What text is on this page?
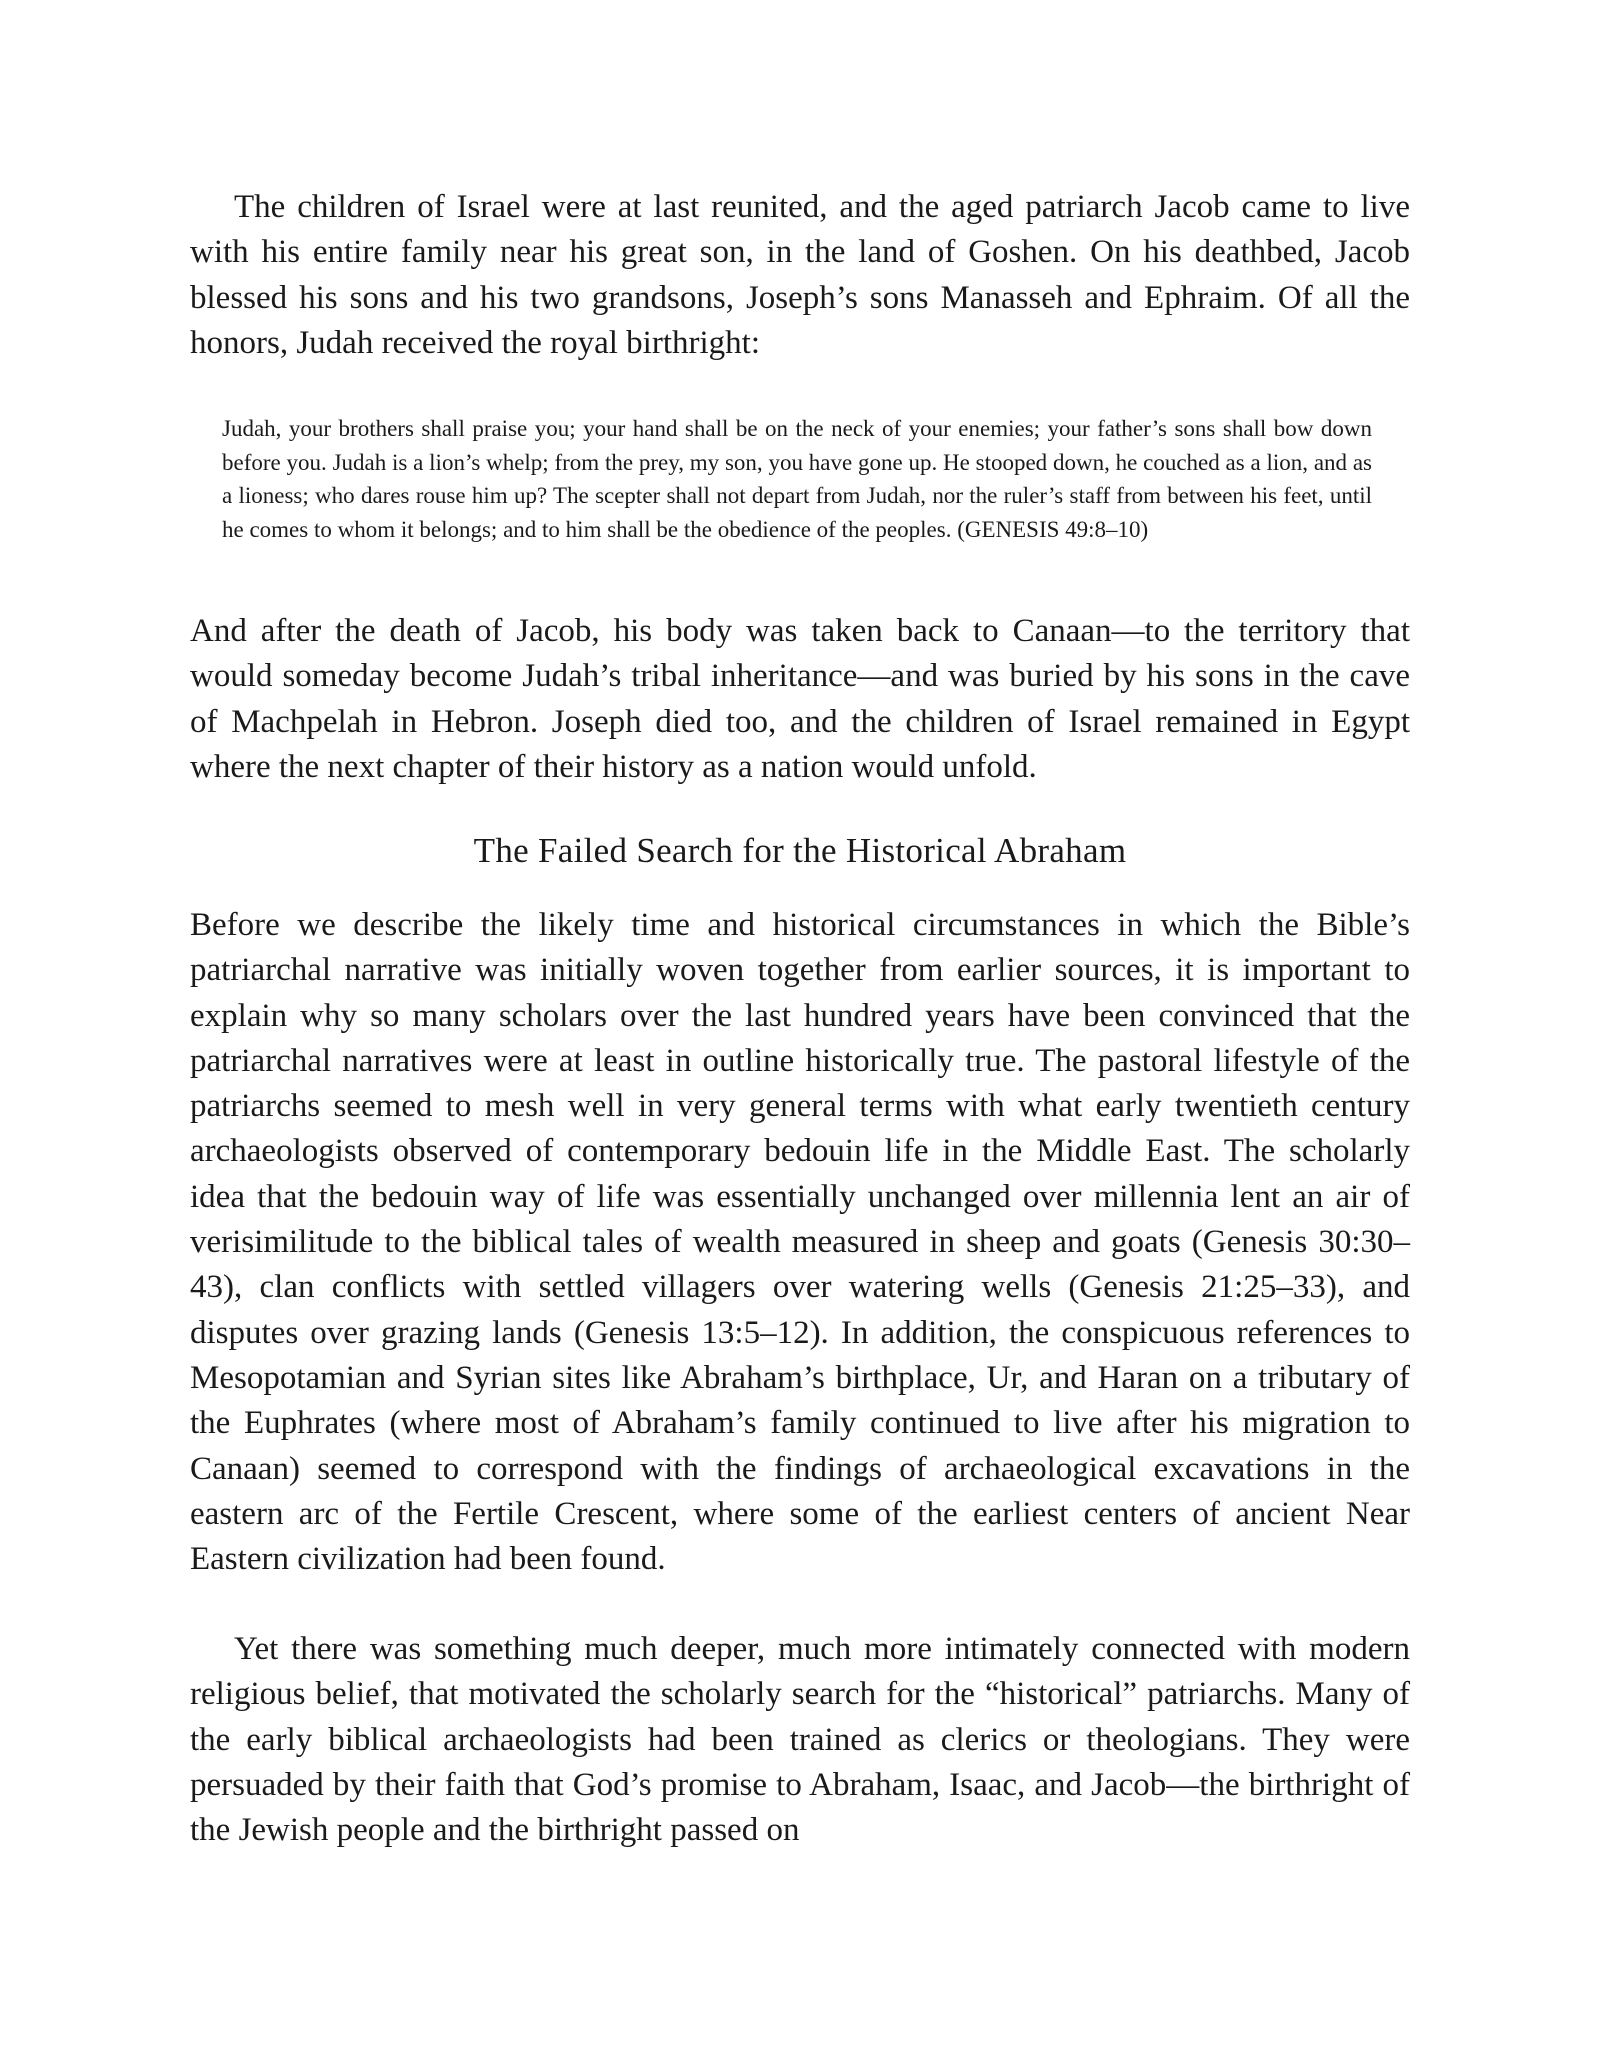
The children of Israel were at last reunited, and the aged patriarch Jacob came to live with his entire family near his great son, in the land of Goshen. On his deathbed, Jacob blessed his sons and his two grandsons, Joseph’s sons Manasseh and Ephraim. Of all the honors, Judah received the royal birthright:

Judah, your brothers shall praise you; your hand shall be on the neck of your enemies; your father’s sons shall bow down before you. Judah is a lion’s whelp; from the prey, my son, you have gone up. He stooped down, he couched as a lion, and as a lioness; who dares rouse him up? The scepter shall not depart from Judah, nor the ruler’s staff from between his feet, until he comes to whom it belongs; and to him shall be the obedience of the peoples. (GENESIS 49:8–10)

And after the death of Jacob, his body was taken back to Canaan—to the territory that would someday become Judah’s tribal inheritance—and was buried by his sons in the cave of Machpelah in Hebron. Joseph died too, and the children of Israel remained in Egypt where the next chapter of their history as a nation would unfold.

The Failed Search for the Historical Abraham

Before we describe the likely time and historical circumstances in which the Bible’s patriarchal narrative was initially woven together from earlier sources, it is important to explain why so many scholars over the last hundred years have been convinced that the patriarchal narratives were at least in outline historically true. The pastoral lifestyle of the patriarchs seemed to mesh well in very general terms with what early twentieth century archaeologists observed of contemporary bedouin life in the Middle East. The scholarly idea that the bedouin way of life was essentially unchanged over millennia lent an air of verisimilitude to the biblical tales of wealth measured in sheep and goats (Genesis 30:30–43), clan conflicts with settled villagers over watering wells (Genesis 21:25–33), and disputes over grazing lands (Genesis 13:5–12). In addition, the conspicuous references to Mesopotamian and Syrian sites like Abraham’s birthplace, Ur, and Haran on a tributary of the Euphrates (where most of Abraham’s family continued to live after his migration to Canaan) seemed to correspond with the findings of archaeological excavations in the eastern arc of the Fertile Crescent, where some of the earliest centers of ancient Near Eastern civilization had been found.

Yet there was something much deeper, much more intimately connected with modern religious belief, that motivated the scholarly search for the “historical” patriarchs. Many of the early biblical archaeologists had been trained as clerics or theologians. They were persuaded by their faith that God’s promise to Abraham, Isaac, and Jacob—the birthright of the Jewish people and the birthright passed on
